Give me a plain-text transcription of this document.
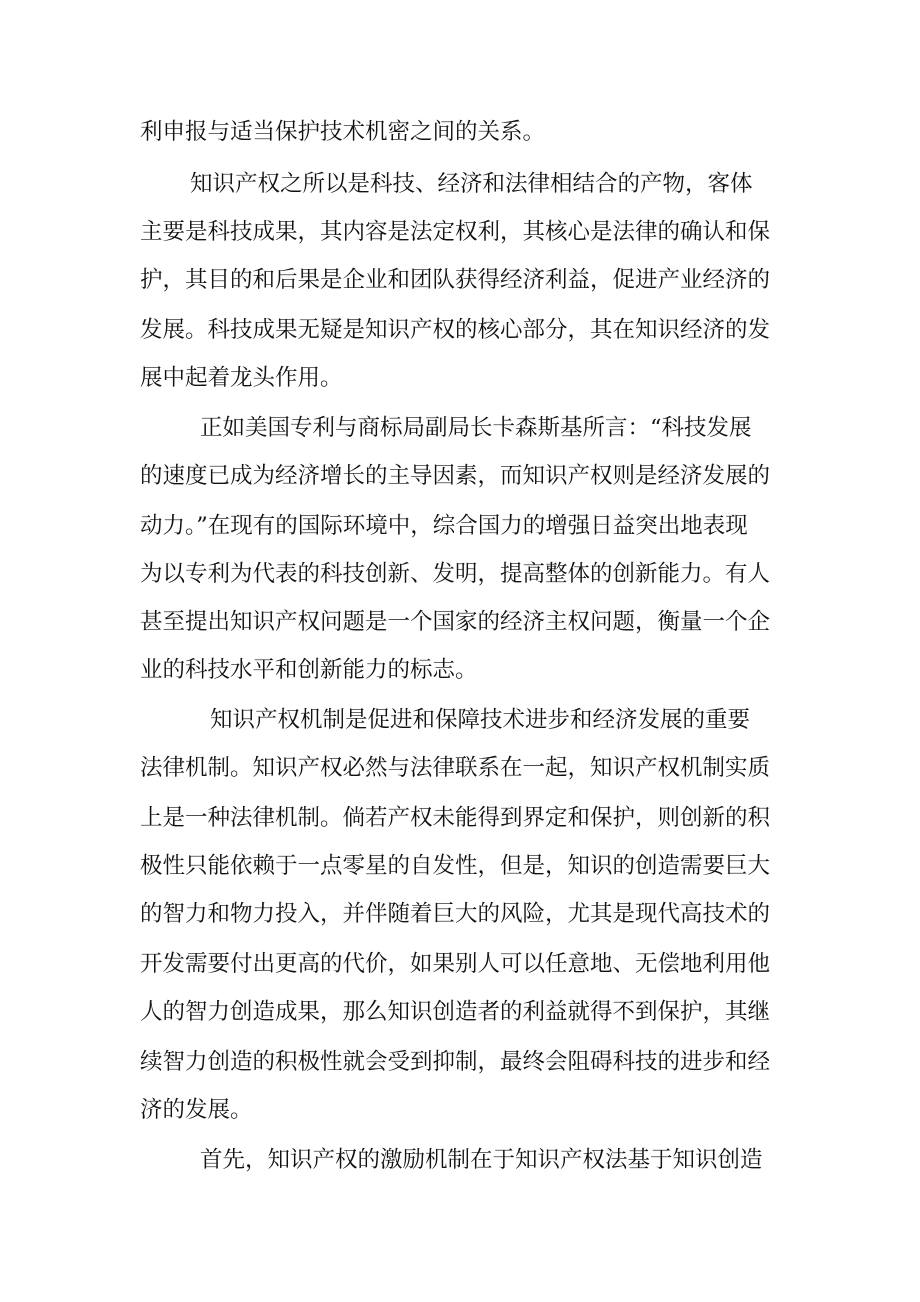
利申报与适当保护技术机密之间的关系。
知识产权之所以是科技、经济和法律相结合的产物，客体
主要是科技成果，其内容是法定权利，其核心是法律的确认和保
护，其目的和后果是企业和团队获得经济利益，促进产业经济的
发展。科技成果无疑是知识产权的核心部分，其在知识经济的发
展中起着龙头作用。
正如美国专利与商标局副局长卡森斯基所言：“科技发展
的速度已成为经济增长的主导因素，而知识产权则是经济发展的
动力。”在现有的国际环境中，综合国力的增强日益突出地表现
为以专利为代表的科技创新、发明，提高整体的创新能力。有人
甚至提出知识产权问题是一个国家的经济主权问题，衡量一个企
业的科技水平和创新能力的标志。
知识产权机制是促进和保障技术进步和经济发展的重要
法律机制。知识产权必然与法律联系在一起，知识产权机制实质
上是一种法律机制。倘若产权未能得到界定和保护，则创新的积
极性只能依赖于一点零星的自发性，但是，知识的创造需要巨大
的智力和物力投入，并伴随着巨大的风险，尤其是现代高技术的
开发需要付出更高的代价，如果别人可以任意地、无偿地利用他
人的智力创造成果，那么知识创造者的利益就得不到保护，其继
续智力创造的积极性就会受到抑制，最终会阻碍科技的进步和经
济的发展。
首先，知识产权的激励机制在于知识产权法基于知识创造
